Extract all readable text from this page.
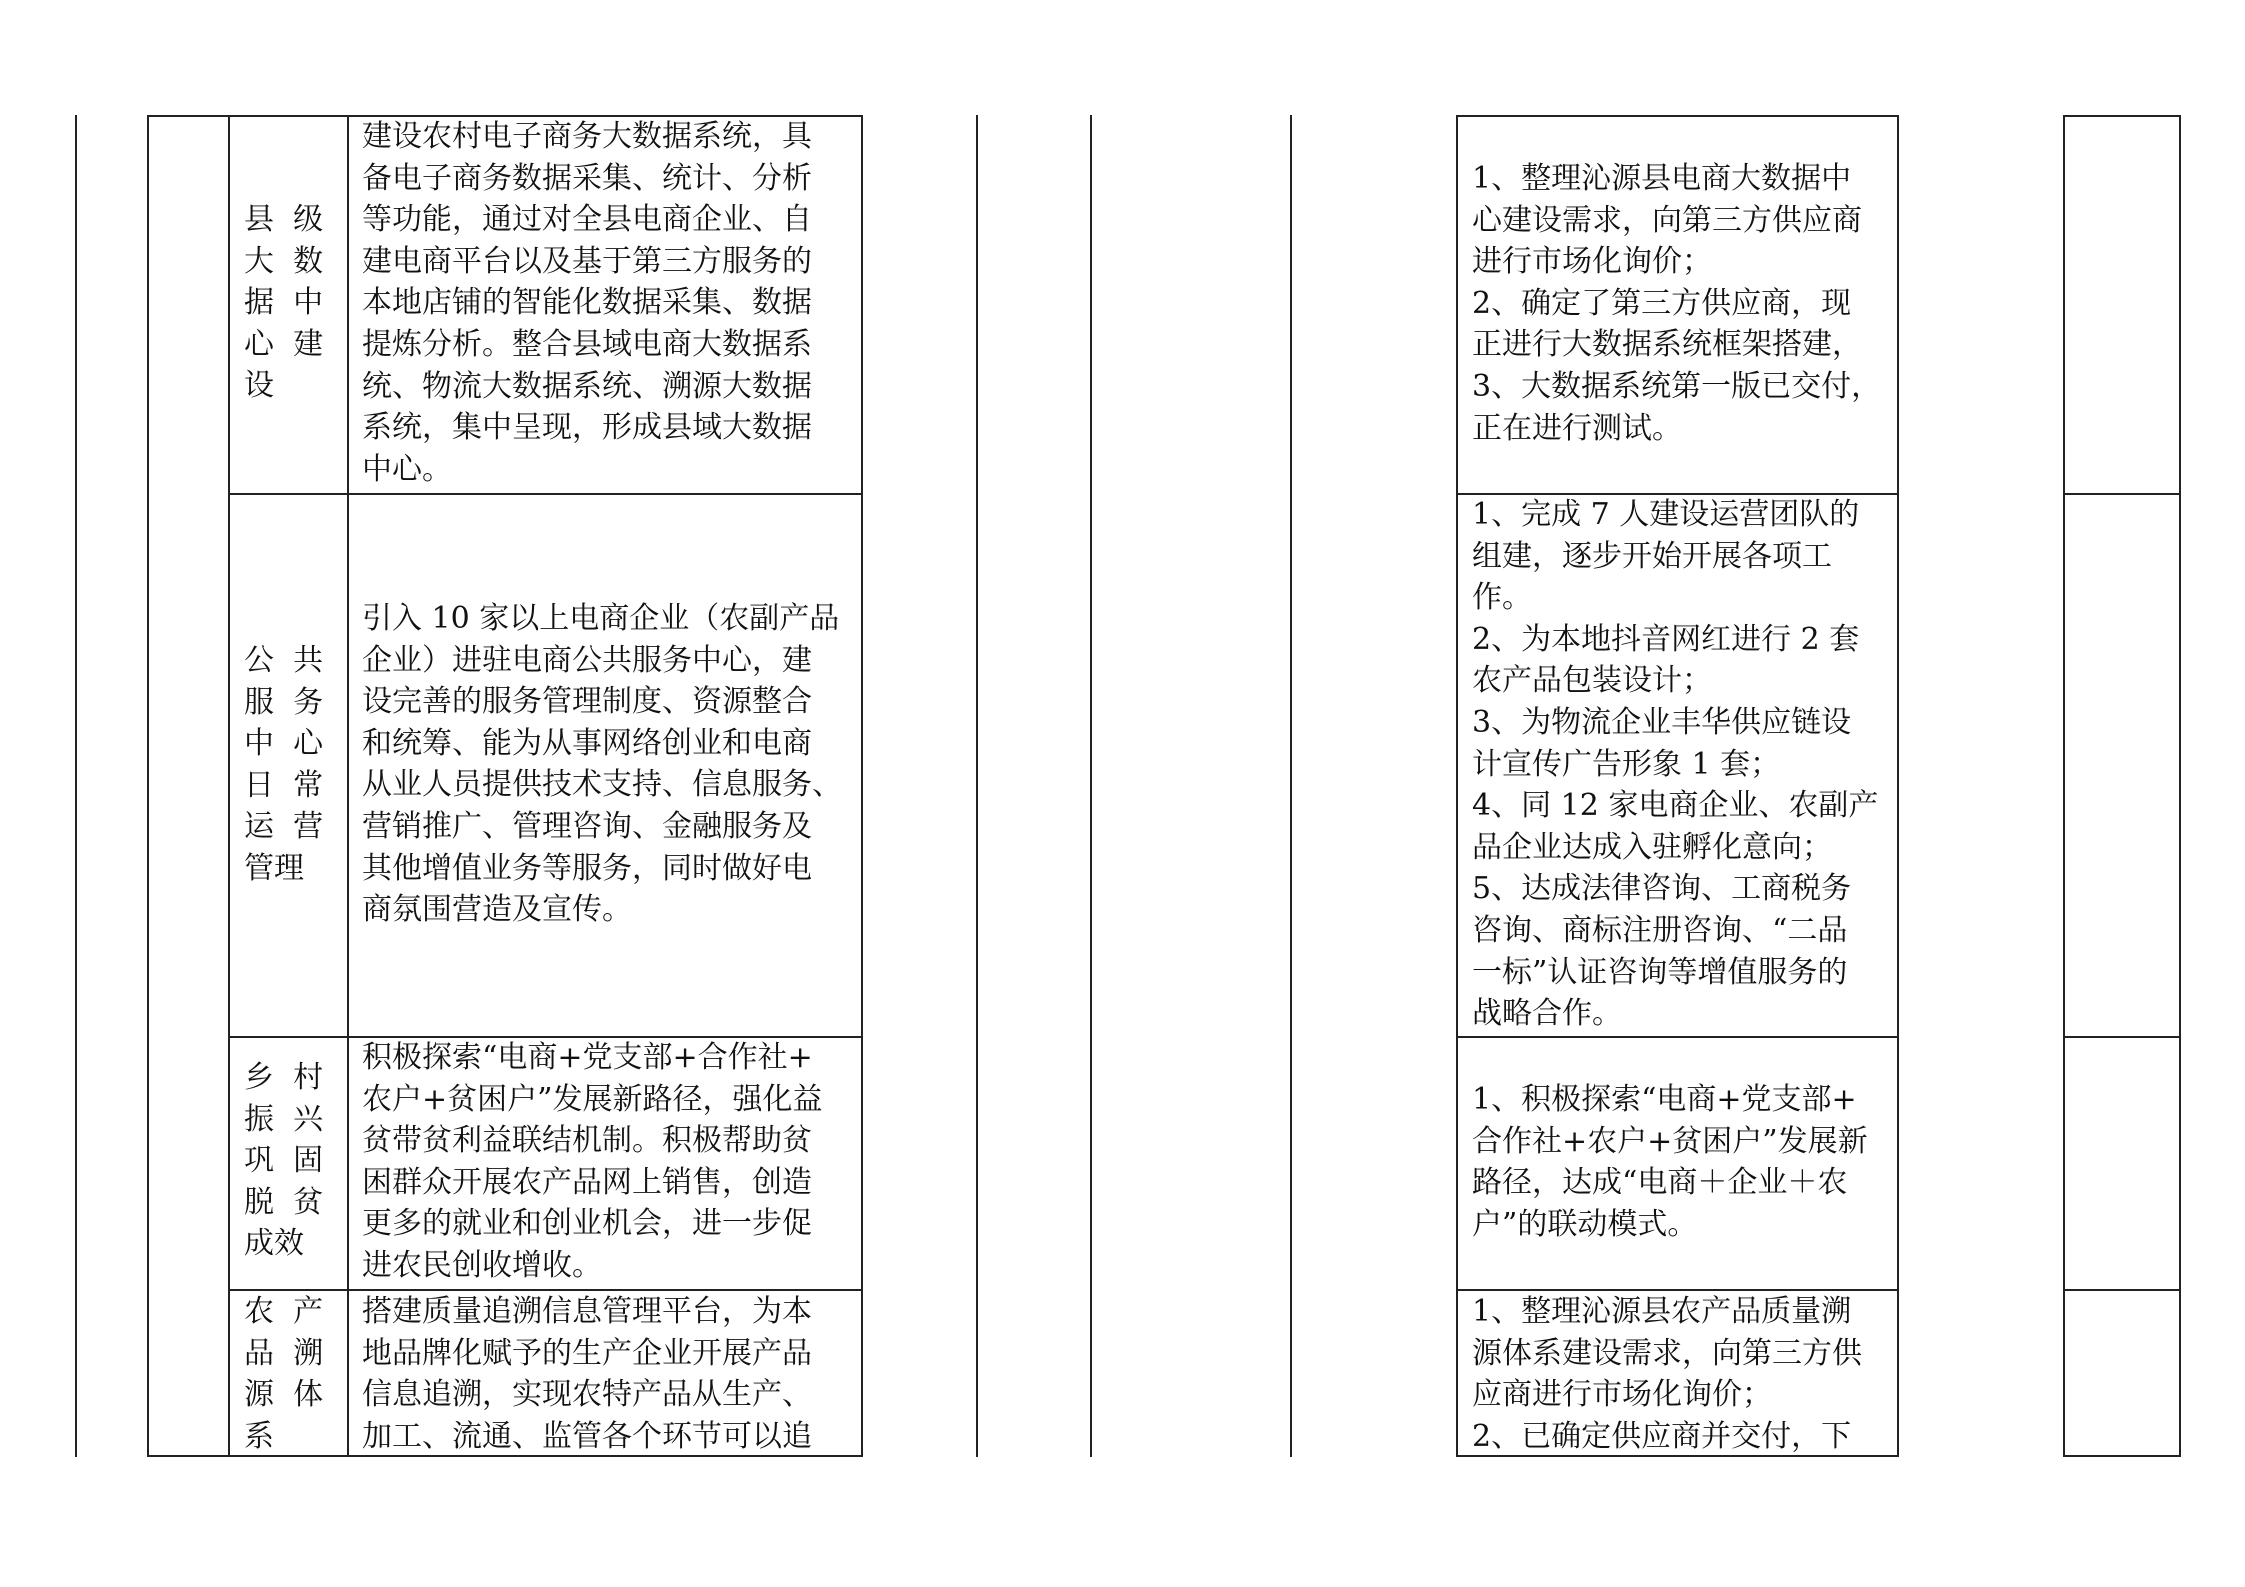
县  级
大  数
据  中
心  建
设
建设农村电子商务大数据系统，具
备电子商务数据采集、统计、分析
等功能，通过对全县电商企业、自
建电商平台以及基于第三方服务的
本地店铺的智能化数据采集、数据
提炼分析。整合县域电商大数据系
统、物流大数据系统、溯源大数据
系统，集中呈现，形成县域大数据
中心。
1、整理沁源县电商大数据中
心建设需求，向第三方供应商
进行市场化询价；
2、确定了第三方供应商，现
正进行大数据系统框架搭建，
3、大数据系统第一版已交付，
正在进行测试。
公  共
服  务
中  心
日  常
运  营
管理
引入 10 家以上电商企业（农副产品
企业）进驻电商公共服务中心，建
设完善的服务管理制度、资源整合
和统筹、能为从事网络创业和电商
从业人员提供技术支持、信息服务、
营销推广、管理咨询、金融服务及
其他增值业务等服务，同时做好电
商氛围营造及宣传。
1、完成 7 人建设运营团队的
组建，逐步开始开展各项工
作。
2、为本地抖音网红进行 2 套
农产品包装设计；
3、为物流企业丰华供应链设
计宣传广告形象 1 套；
4、同 12 家电商企业、农副产
品企业达成入驻孵化意向；
5、达成法律咨询、工商税务
咨询、商标注册咨询、“二品
一标”认证咨询等增值服务的
战略合作。
乡  村
振  兴
巩  固
脱  贫
成效
积极探索“电商+党支部+合作社+
农户+贫困户”发展新路径，强化益
贫带贫利益联结机制。积极帮助贫
困群众开展农产品网上销售，创造
更多的就业和创业机会，进一步促
进农民创收增收。
1、积极探索“电商+党支部+
合作社+农户+贫困户”发展新
路径，达成“电商＋企业＋农
户”的联动模式。
农  产
品  溯
源  体
系
搭建质量追溯信息管理平台，为本
地品牌化赋予的生产企业开展产品
信息追溯，实现农特产品从生产、
加工、流通、监管各个环节可以追
1、整理沁源县农产品质量溯
源体系建设需求，向第三方供
应商进行市场化询价；
2、已确定供应商并交付，下
